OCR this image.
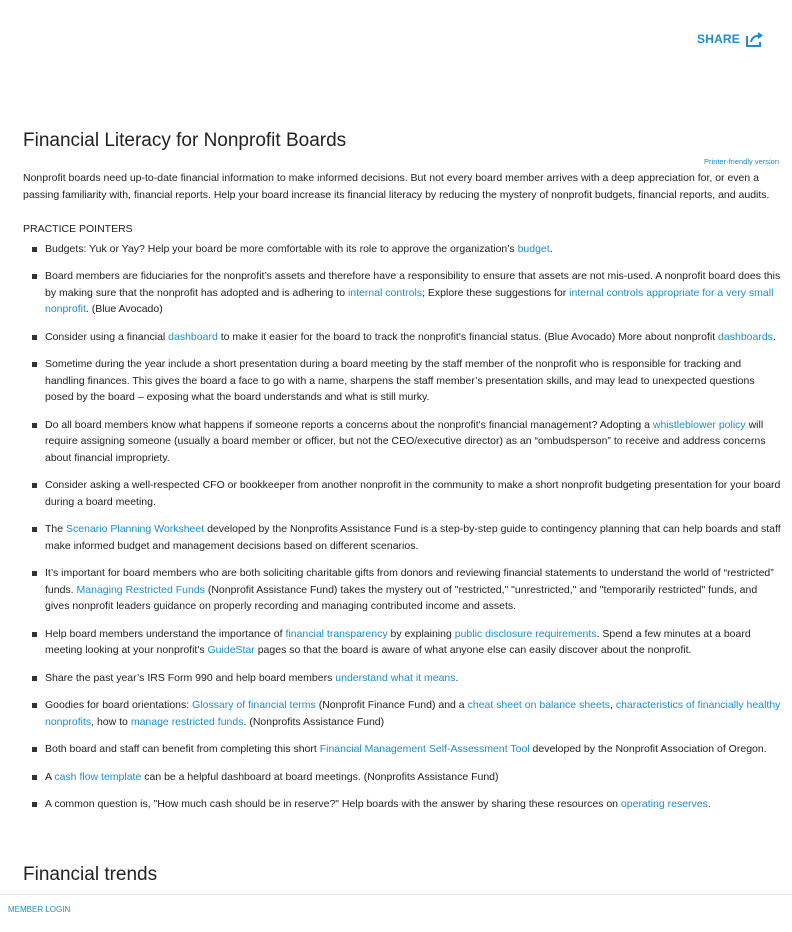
SHARE
Financial Literacy for Nonprofit Boards
Printer-friendly version

Nonprofit boards need up-to-date financial information to make informed decisions. But not every board member arrives with a deep appreciation for, or even a passing familiarity with, financial reports. Help your board increase its financial literacy by reducing the mystery of nonprofit budgets, financial reports, and audits.

PRACTICE POINTERS

Budgets: Yuk or Yay? Help your board be more comfortable with its role to approve the organization’s budget.
Board members are fiduciaries for the nonprofit’s assets and therefore have a responsibility to ensure that assets are not mis-used. A nonprofit board does this by making sure that the nonprofit has adopted and is adhering to internal controls; Explore these suggestions for internal controls appropriate for a very small nonprofit. (Blue Avocado)
Consider using a financial dashboard to make it easier for the board to track the nonprofit's financial status. (Blue Avocado) More about nonprofit dashboards.
Sometime during the year include a short presentation during a board meeting by the staff member of the nonprofit who is responsible for tracking and handling finances. This gives the board a face to go with a name, sharpens the staff member’s presentation skills, and may lead to unexpected questions posed by the board – exposing what the board understands and what is still murky.
Do all board members know what happens if someone reports a concerns about the nonprofit's financial management? Adopting a whistleblower policy will require assigning someone (usually a board member or officer, but not the CEO/executive director) as an “ombudsperson” to receive and address concerns about financial impropriety.
Consider asking a well-respected CFO or bookkeeper from another nonprofit in the community to make a short nonprofit budgeting presentation for your board during a board meeting.
The Scenario Planning Worksheet developed by the Nonprofits Assistance Fund is a step-by-step guide to contingency planning that can help boards and staff make informed budget and management decisions based on different scenarios.
It’s important for board members who are both soliciting charitable gifts from donors and reviewing financial statements to understand the world of “restricted” funds. Managing Restricted Funds (Nonprofit Assistance Fund) takes the mystery out of "restricted," "unrestricted," and "temporarily restricted" funds, and gives nonprofit leaders guidance on properly recording and managing contributed income and assets.
Help board members understand the importance of financial transparency by explaining public disclosure requirements. Spend a few minutes at a board meeting looking at your nonprofit's GuideStar pages so that the board is aware of what anyone else can easily discover about the nonprofit.
Share the past year’s IRS Form 990 and help board members understand what it means.
Goodies for board orientations: Glossary of financial terms (Nonprofit Finance Fund) and a cheat sheet on balance sheets, characteristics of financially healthy nonprofits, how to manage restricted funds. (Nonprofits Assistance Fund)
Both board and staff can benefit from completing this short Financial Management Self-Assessment Tool developed by the Nonprofit Association of Oregon.
A cash flow template can be a helpful dashboard at board meetings. (Nonprofits Assistance Fund)
A common question is, "How much cash should be in reserve?" Help boards with the answer by sharing these resources on operating reserves.
Financial trends
MEMBER LOGIN
